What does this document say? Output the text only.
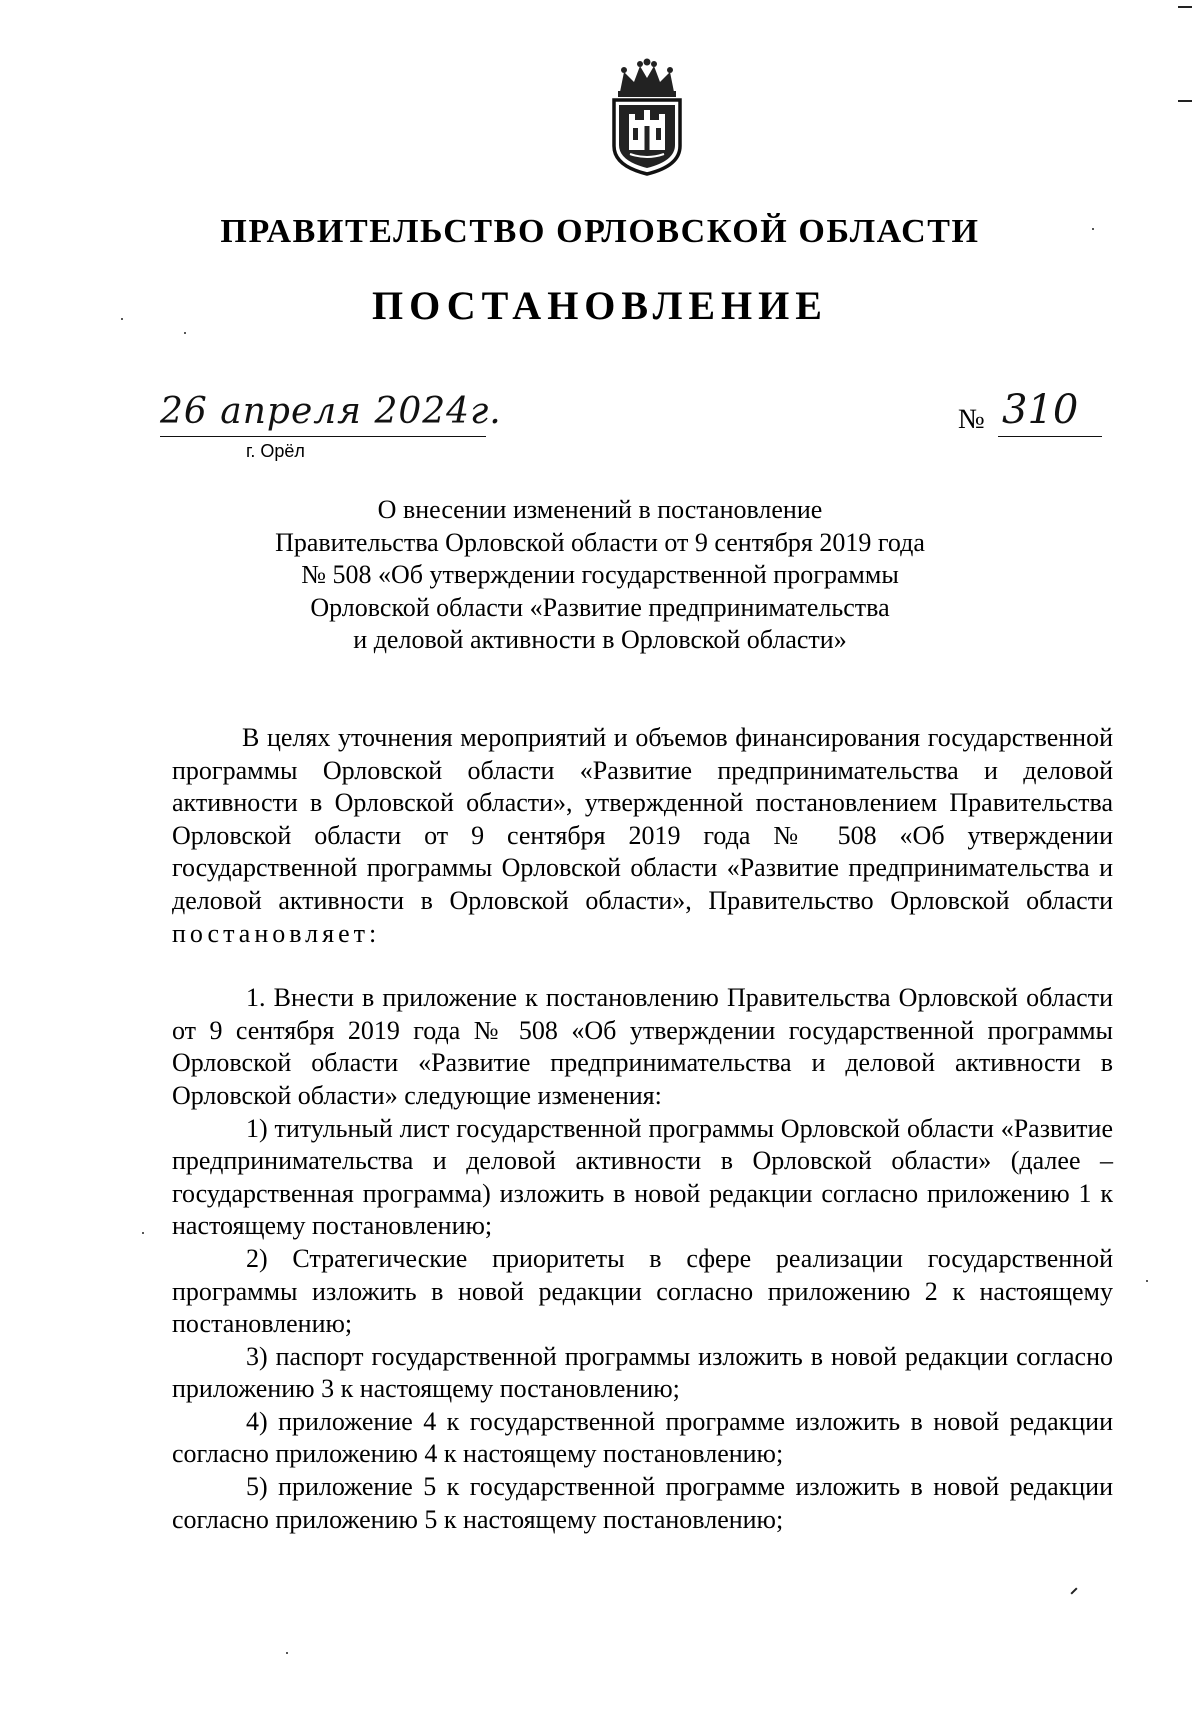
ПРАВИТЕЛЬСТВО ОРЛОВСКОЙ ОБЛАСТИ
ПОСТАНОВЛЕНИЕ
26 апреля 2024г.
г. Орёл
№ 310
О внесении изменений в постановление
Правительства Орловской области от 9 сентября 2019 года
№ 508 «Об утверждении государственной программы
Орловской области «Развитие предпринимательства
и деловой активности в Орловской области»

В целях уточнения мероприятий и объемов финансирования государственной программы Орловской области «Развитие предпринимательства и деловой активности в Орловской области», утвержденной постановлением Правительства Орловской области от 9 сентября 2019 года № 508 «Об утверждении государственной программы Орловской области «Развитие предпринимательства и деловой активности в Орловской области», Правительство Орловской области постановляет:

1. Внести в приложение к постановлению Правительства Орловской области от 9 сентября 2019 года № 508 «Об утверждении государственной программы Орловской области «Развитие предпринимательства и деловой активности в Орловской области» следующие изменения:

1) титульный лист государственной программы Орловской области «Развитие предпринимательства и деловой активности в Орловской области» (далее – государственная программа) изложить в новой редакции согласно приложению 1 к настоящему постановлению;

2) Стратегические приоритеты в сфере реализации государственной программы изложить в новой редакции согласно приложению 2 к настоящему постановлению;

3) паспорт государственной программы изложить в новой редакции согласно приложению 3 к настоящему постановлению;

4) приложение 4 к государственной программе изложить в новой редакции согласно приложению 4 к настоящему постановлению;

5) приложение 5 к государственной программе изложить в новой редакции согласно приложению 5 к настоящему постановлению;
